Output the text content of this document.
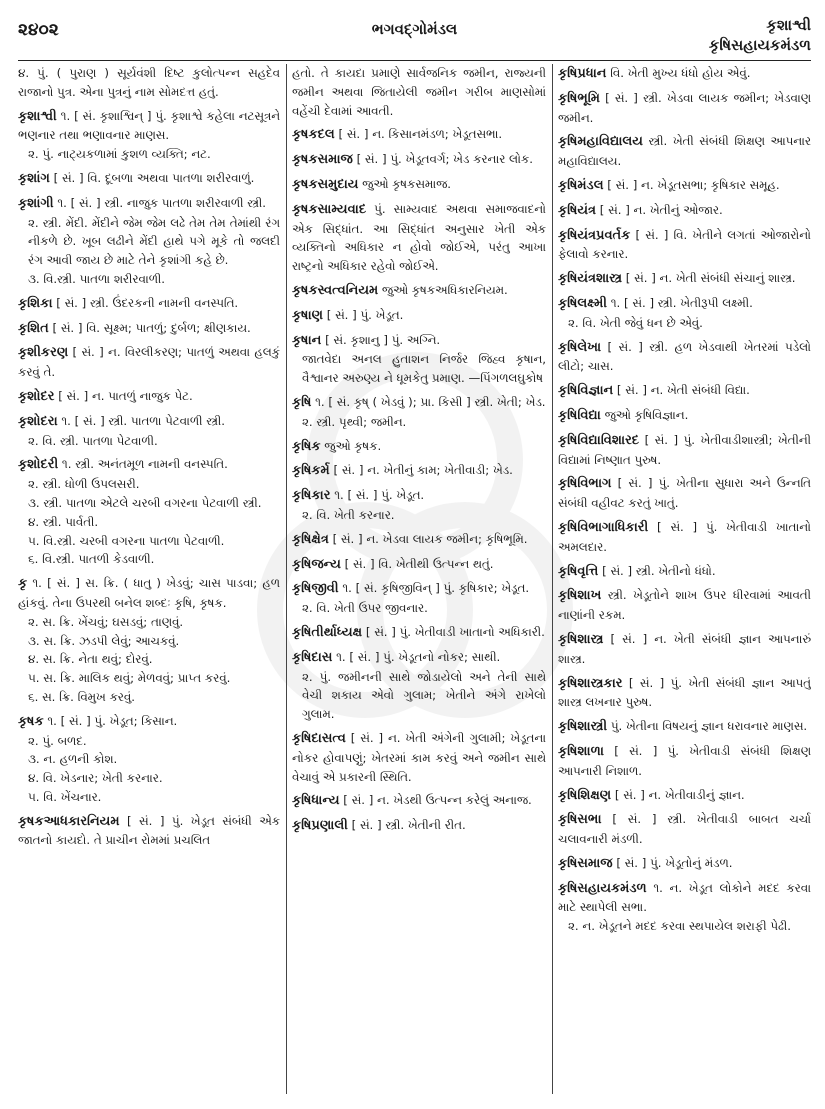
૨૪૦૨	ભગવદ્ગોમંડલ	કૃશાશ્વી
કૃષિસહાયકમંડળ

૪. પું. ( પુરાણ ) સૂર્યવંશી દિષ્ટ કુલોત્પન્ન સહદેવ રાજાનો પુત્ર. એના પુત્રનું નામ સોમદત્ત હતું.

કૃશાશ્વી ૧. [ સં. કૃશાશ્વિન્ ] પું. કૃશાશ્વે કહેલા નટસૂત્રને ભણનાર તથા ભણાવનાર માણસ.

૨. પું. નાટ્યકળામાં કુશળ વ્યક્તિ; નટ.

કૃશાંગ [ સં. ] વિ. દૂબળા અથવા પાતળા શરીરવાળું.

કૃશાંગી ૧. [ સં. ] સ્ત્રી. નાજુક પાતળા શરીરવાળી સ્ત્રી.

૨. સ્ત્રી. મેંદી. મેંદીને જેમ જેમ લઢે તેમ તેમ તેમાંથી રંગ નીકળે છે. ખૂબ લઢીને મેંદી હાથે પગે મૂકે તો જલદી રંગ આવી જાય છે માટે તેને કૃશાંગી કહે છે.

૩. વિ.સ્ત્રી. પાતળા શરીરવાળી.

કૃશિકા [ સં. ] સ્ત્રી. ઉંદરકની નામની વનસ્પતિ.

કૃશિત [ સં. ] વિ. સૂક્ષ્મ; પાતળું; દુર્બળ; ક્ષીણકાય.

કૃશીકરણ [ સં. ] ન. વિરલીકરણ; પાતળું અથવા હલકું કરવું તે.

કૃશોદર [ સં. ] ન. પાતળું નાજુક પેટ.

કૃશોદરા ૧. [ સં. ] સ્ત્રી. પાતળા પેટવાળી સ્ત્રી.

૨. વિ. સ્ત્રી. પાતળા પેટવાળી.

કૃશોદરી ૧. સ્ત્રી. અનંતમૂળ નામની વનસ્પતિ.

૨. સ્ત્રી. ધોળી ઉપલસરી.

૩. સ્ત્રી. પાતળા એટલે ચરબી વગરના પેટવાળી સ્ત્રી.

૪. સ્ત્રી. પાર્વતી.

૫. વિ.સ્ત્રી. ચરબી વગરના પાતળા પેટવાળી.

૬. વિ.સ્ત્રી. પાતળી કેડવાળી.

કૃ ૧. [ સં. ] સ. ક્રિ. ( ધાતુ ) ખેડવું; ચાસ પાડવા; હળ હાંકવું. તેના ઉપરથી બનેલ શબ્દઃ કૃષિ, કૃષક.

૨. સ. ક્રિ. ખેંચવું; ઘસડવું; તાણવું.

૩. સ. ક્રિ. ઝડપી લેવું; આચકવું.

૪. સ. ક્રિ. નેતા થવું; દોરવું.

૫. સ. ક્રિ. માલિક થવું; મેળવવું; પ્રાપ્ત કરવું.

૬. સ. ક્રિ. વિમુખ કરવું.

કૃષક ૧. [ સં. ] પું. ખેડૂત; કિસાન.

૨. પું. બળદ.

૩. ન. હળની કોશ.

૪. વિ. ખેડનાર; ખેતી કરનાર.

૫. વિ. ખેંચનાર.

કૃષકઆધકારનિયમ [ સં. ] પું. ખેડૂત સંબંધી એક જાતનો કાયદો. તે પ્રાચીન રોમમાં પ્રચલિત

હતો. તે કાયદા પ્રમાણે સાર્વજનિક જમીન, રાજ્યની જમીન અથવા જિતાયેલી જમીન ગરીબ માણસોમાં વહેંચી દેવામાં આવતી.

કૃષકદલ [ સં. ] ન. કિસાનમંડળ; ખેડૂતસભા.

કૃષકસમાજ [ સં. ] પું. ખેડૂતવર્ગ; ખેડ કરનાર લોક.

કૃષકસમુદાય જુઓ કૃષકસમાજ.

કૃષકસામ્યવાદ પું. સામ્યવાદ અથવા સમાજવાદનો એક સિદ્ધાંત. આ સિદ્ધાંત અનુસાર ખેતી એક વ્યક્તિનો અધિકાર ન હોવો જોઈએ, પરંતુ આખા રાષ્ટ્રનો અધિકાર રહેવો જોઈએ.

કૃષકસ્વત્વનિયમ જુઓ કૃષકઅધિકારનિયમ.

કૃષાણ [ સં. ] પું. ખેડૂત.

કૃષાન [ સં. કૃશાનુ ] પું. અગ્નિ.

જાતવેદા અનલ હુતાશન નિર્જર જિહ્વ કૃષાન, વૈશ્વાનર અરુણ્ય ને ધૂમકેતુ પ્રમાણ. —પિંગળલઘુકોષ

કૃષિ ૧. [ સં. કૃષ્ ( ખેડવું ); પ્રા. કિસી ] સ્ત્રી. ખેતી; ખેડ.

૨. સ્ત્રી. પૃથ્વી; જમીન.

કૃષિક જુઓ કૃષક.

કૃષિકર્મ [ સં. ] ન. ખેતીનું કામ; ખેતીવાડી; ખેડ.

કૃષિકાર ૧. [ સં. ] પું. ખેડૂત.

૨. વિ. ખેતી કરનાર.

કૃષિક્ષેત્ર [ સં. ] ન. ખેડવા લાયક જમીન; કૃષિભૂમિ.

કૃષિજન્ય [ સં. ] વિ. ખેતીથી ઉત્પન્ન થતું.

કૃષિજીવી ૧. [ સં. કૃષિજીવિન્ ] પું. કૃષિકાર; ખેડૂત.

૨. વિ. ખેતી ઉપર જીવનાર.

કૃષિતીર્થાધ્યક્ષ [ સં. ] પું. ખેતીવાડી ખાતાનો અધિકારી.

કૃષિદાસ ૧. [ સં. ] પું. ખેડૂતનો નોકર; સાથી.

૨. પું. જમીનની સાથે જોડાયેલો અને તેની સાથે વેચી શકાય એવો ગુલામ; ખેતીને અંગે રાખેલો ગુલામ.

કૃષિદાસત્વ [ સં. ] ન. ખેતી અંગેની ગુલામી; ખેડૂતના નોકર હોવાપણું; ખેતરમાં કામ કરવું અને જમીન સાથે વેચાવું એ પ્રકારની સ્થિતિ.

કૃષિધાન્ય [ સં. ] ન. ખેડથી ઉત્પન્ન કરેલું અનાજ.

કૃષિપ્રણાલી [ સં. ] સ્ત્રી. ખેતીની રીત.

કૃષિપ્રધાન વિ. ખેતી મુખ્ય ધંધો હોય એવું.

કૃષિભૂમિ [ સં. ] સ્ત્રી. ખેડવા લાયક જમીન; ખેડવાણ જમીન.

કૃષિમહાવિદ્યાલય સ્ત્રી. ખેતી સંબંધી શિક્ષણ આપનાર મહાવિદ્યાલય.

કૃષિમંડલ [ સં. ] ન. ખેડૂતસભા; કૃષિકાર સમૂહ.

કૃષિયંત્ર [ સં. ] ન. ખેતીનું ઓજાર.

કૃષિયંત્રપ્રવર્તક [ સં. ] વિ. ખેતીને લગતાં ઓજારોનો ફેલાવો કરનાર.

કૃષિયંત્રશાસ્ત્ર [ સં. ] ન. ખેતી સંબંધી સંચાનું શાસ્ત્ર.

કૃષિલક્ષ્મી ૧. [ સં. ] સ્ત્રી. ખેતીરૂપી લક્ષ્મી.

૨. વિ. ખેતી જેવું ધન છે એવું.

કૃષિલેખા [ સં. ] સ્ત્રી. હળ ખેડવાથી ખેતરમાં પડેલો લીટો; ચાસ.

કૃષિવિજ્ઞાન [ સં. ] ન. ખેતી સંબંધી વિદ્યા.

કૃષિવિદ્યા જુઓ કૃષિવિજ્ઞાન.

કૃષિવિદ્યાવિશારદ [ સં. ] પું. ખેતીવાડીશાસ્ત્રી; ખેતીની વિદ્યામાં નિષ્ણાત પુરુષ.

કૃષિવિભાગ [ સં. ] પું. ખેતીના સુધારા અને ઉન્નતિ સંબંધી વહીવટ કરતું ખાતું.

કૃષિવિભાગાધિકારી [ સં. ] પું. ખેતીવાડી ખાતાનો અમલદાર.

કૃષિવૃત્તિ [ સં. ] સ્ત્રી. ખેતીનો ધંધો.

કૃષિશાખ સ્ત્રી. ખેડૂતોને શાખ ઉપર ધીરવામાં આવતી નાણાંની રકમ.

કૃષિશાસ્ત્ર [ સં. ] ન. ખેતી સંબંધી જ્ઞાન આપનારું શાસ્ત્ર.

કૃષિશાસ્ત્રકાર [ સં. ] પું. ખેતી સંબંધી જ્ઞાન આપતું શાસ્ત્ર લખનાર પુરુષ.

કૃષિશાસ્ત્રી પું. ખેતીના વિષયનું જ્ઞાન ધરાવનાર માણસ.

કૃષિશાળા [ સં. ] પું. ખેતીવાડી સંબંધી શિક્ષણ આપનારી નિશાળ.

કૃષિશિક્ષણ [ સં. ] ન. ખેતીવાડીનું જ્ઞાન.

કૃષિસભા [ સં. ] સ્ત્રી. ખેતીવાડી બાબત ચર્ચા ચલાવનારી મંડળી.

કૃષિસમાજ [ સં. ] પું. ખેડૂતોનું મંડળ.

કૃષિસહાયકમંડળ ૧. ન. ખેડૂત લોકોને મદદ કરવા માટે સ્થાપેલી સભા.

૨. ન. ખેડૂતને મદદ કરવા સ્થપાયેલ શરાફી પેઢી.
